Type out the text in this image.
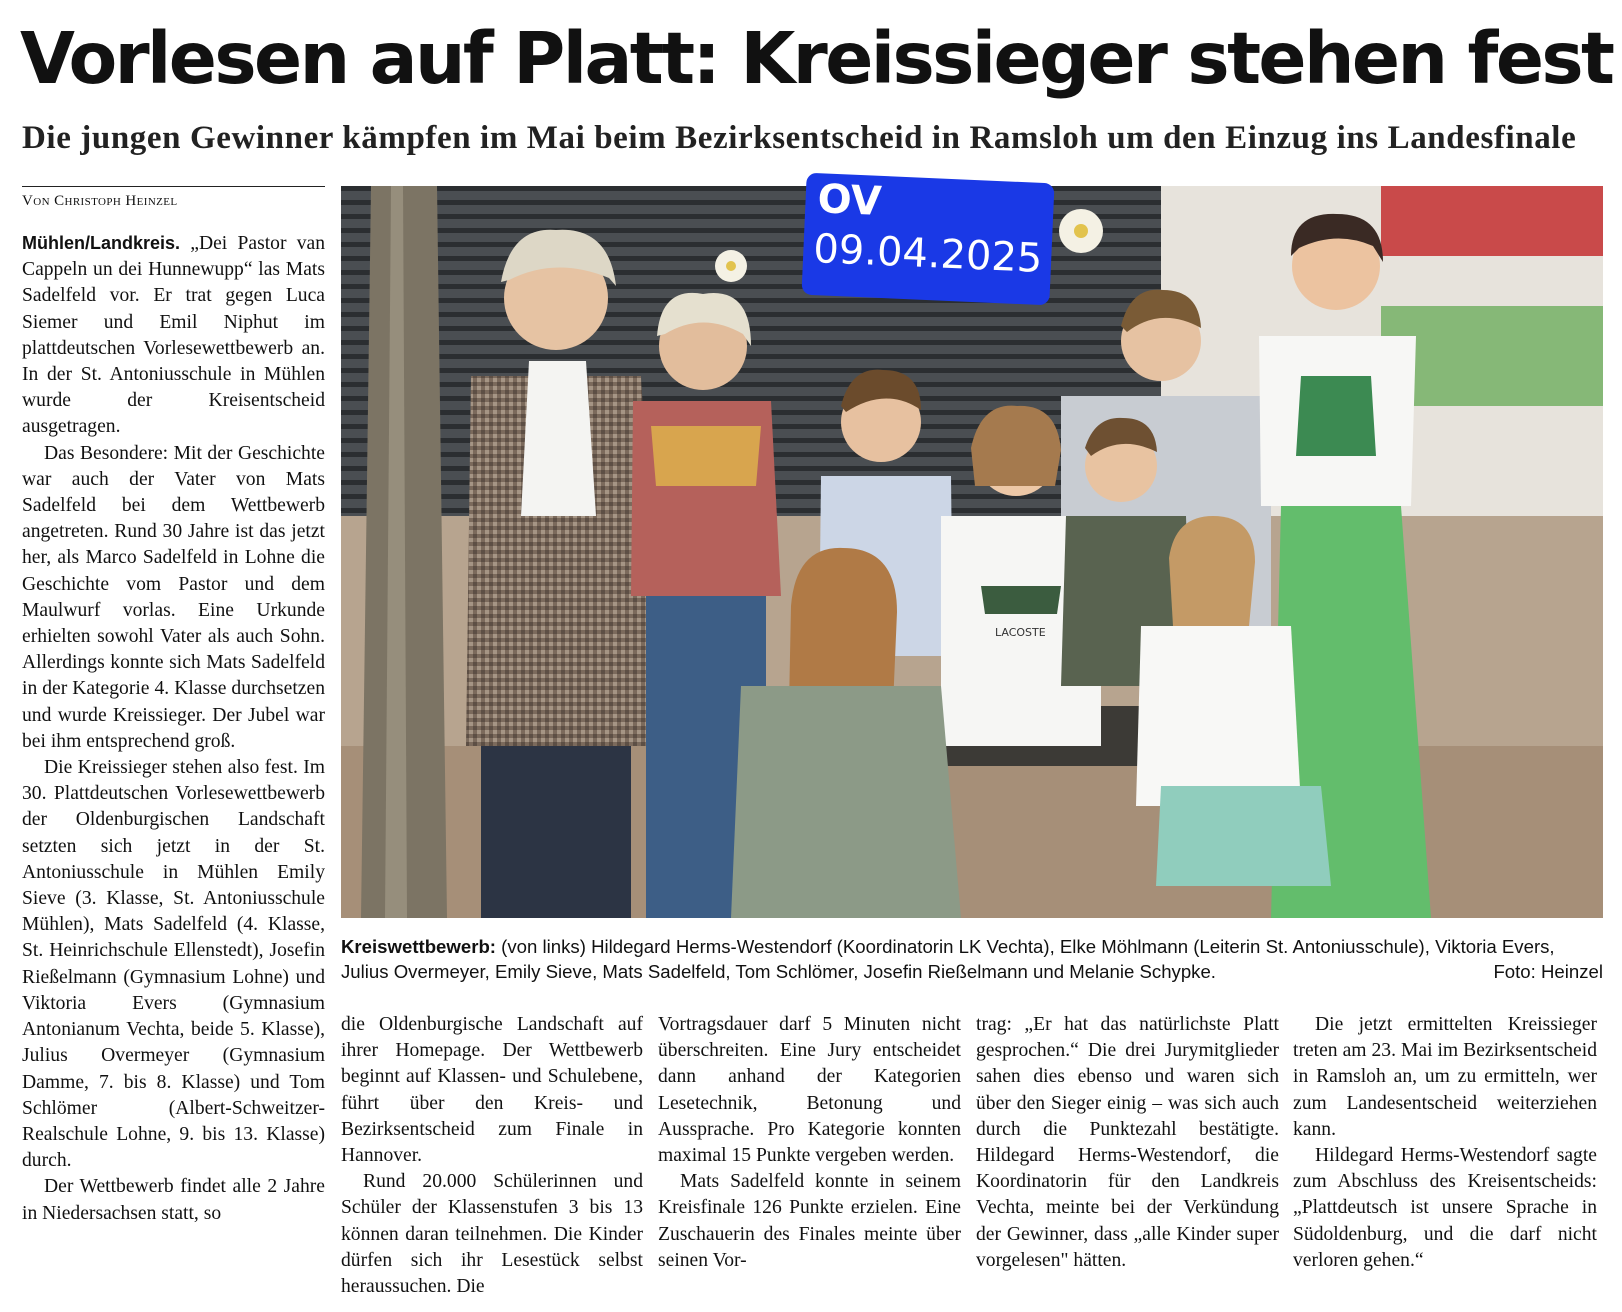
Vorlesen auf Platt: Kreissieger stehen fest
Die jungen Gewinner kämpfen im Mai beim Bezirksentscheid in Ramsloh um den Einzug ins Landesfinale
Von Christoph Heinzel

Mühlen/Landkreis. „Dei Pastor van Cappeln un dei Hunnewupp“ las Mats Sadelfeld vor. Er trat gegen Luca Siemer und Emil Niphut im plattdeutschen Vorlesewettbewerb an. In der St. Antoniusschule in Mühlen wurde der Kreisentscheid ausgetragen.

Das Besondere: Mit der Geschichte war auch der Vater von Mats Sadelfeld bei dem Wettbewerb angetreten. Rund 30 Jahre ist das jetzt her, als Marco Sadelfeld in Lohne die Geschichte vom Pastor und dem Maulwurf vorlas. Eine Urkunde erhielten sowohl Vater als auch Sohn. Allerdings konnte sich Mats Sadelfeld in der Kategorie 4. Klasse durchsetzen und wurde Kreissieger. Der Jubel war bei ihm entsprechend groß.

Die Kreissieger stehen also fest. Im 30. Plattdeutschen Vorlesewettbewerb der Oldenburgischen Landschaft setzten sich jetzt in der St. Antoniusschule in Mühlen Emily Sieve (3. Klasse, St. Antoniusschule Mühlen), Mats Sadelfeld (4. Klasse, St. Heinrichschule Ellenstedt), Josefin Rießelmann (Gymnasium Lohne) und Viktoria Evers (Gymnasium Antonianum Vechta, beide 5. Klasse), Julius Overmeyer (Gymnasium Damme, 7. bis 8. Klasse) und Tom Schlömer (Albert-Schweitzer-Realschule Lohne, 9. bis 13. Klasse) durch.

Der Wettbewerb findet alle 2 Jahre in Niedersachsen statt, so

LACOSTE
OV
09.04.2025
Kreiswettbewerb: (von links) Hildegard Herms-Westendorf (Koordinatorin LK Vechta), Elke Möhlmann (Leiterin St. Antoniusschule), Viktoria Evers, Julius Overmeyer, Emily Sieve, Mats Sadelfeld, Tom Schlömer, Josefin Rießelmann und Melanie Schypke.	Foto: Heinzel

die Oldenburgische Landschaft auf ihrer Homepage. Der Wettbewerb beginnt auf Klassen- und Schulebene, führt über den Kreis- und Bezirksentscheid zum Finale in Hannover.

Rund 20.000 Schülerinnen und Schüler der Klassenstufen 3 bis 13 können daran teilnehmen. Die Kinder dürfen sich ihr Lesestück selbst heraussuchen. Die

Vortragsdauer darf 5 Minuten nicht überschreiten. Eine Jury entscheidet dann anhand der Kategorien Lesetechnik, Betonung und Aussprache. Pro Kategorie konnten maximal 15 Punkte vergeben werden.

Mats Sadelfeld konnte in seinem Kreisfinale 126 Punkte erzielen. Eine Zuschauerin des Finales meinte über seinen Vor-

trag: „Er hat das natürlichste Platt gesprochen.“ Die drei Jurymitglieder sahen dies ebenso und waren sich über den Sieger einig – was sich auch durch die Punktezahl bestätigte. Hildegard Herms-Westendorf, die Koordinatorin für den Landkreis Vechta, meinte bei der Verkündung der Gewinner, dass „alle Kinder super vorgelesen" hätten.

Die jetzt ermittelten Kreissieger treten am 23. Mai im Bezirksentscheid in Ramsloh an, um zu ermitteln, wer zum Landesentscheid weiterziehen kann.

Hildegard Herms-Westendorf sagte zum Abschluss des Kreisentscheids: „Plattdeutsch ist unsere Sprache in Südoldenburg, und die darf nicht verloren gehen.“
